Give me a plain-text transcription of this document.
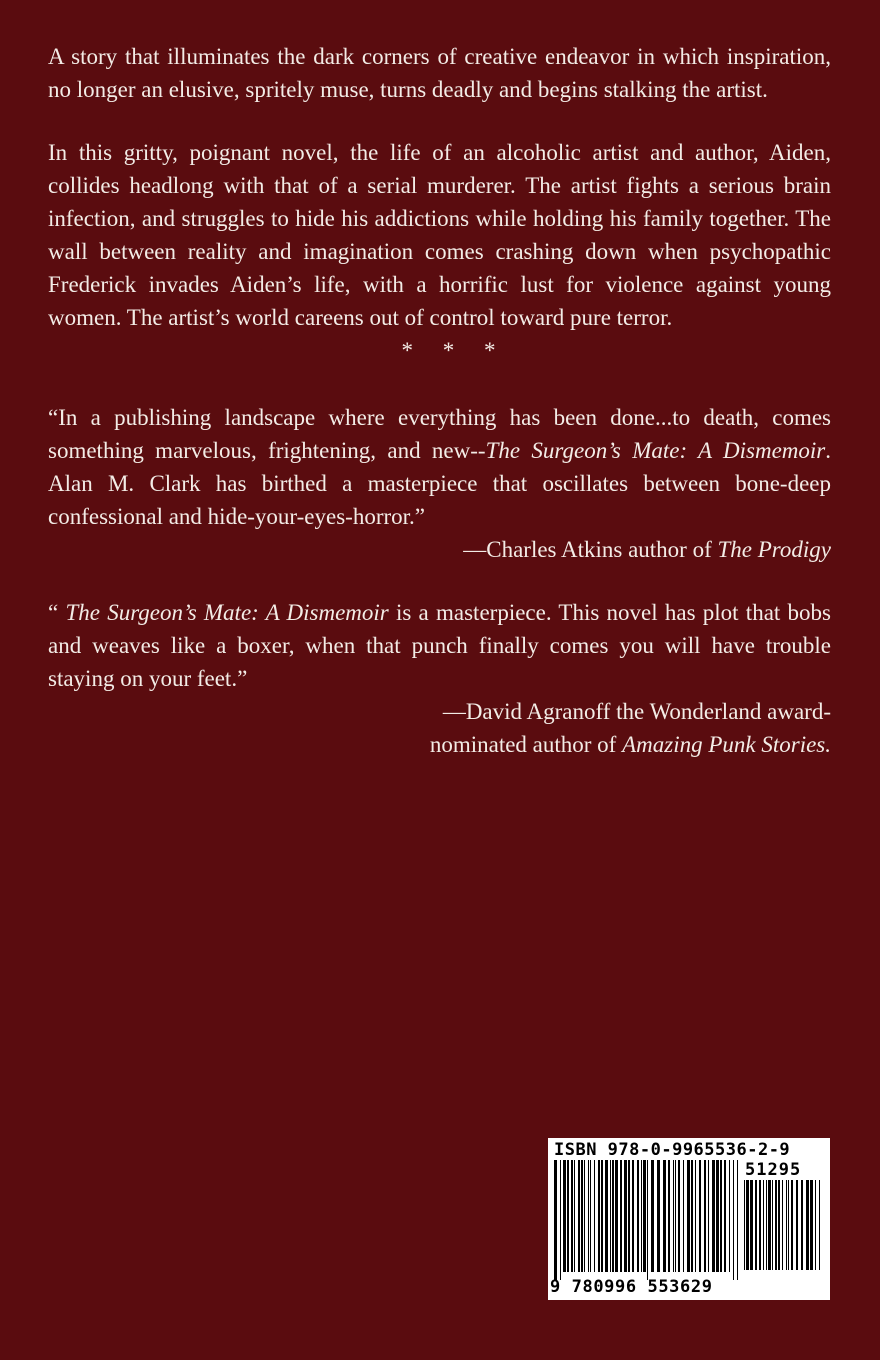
A story that illuminates the dark corners of creative endeavor in which inspiration, no longer an elusive, spritely muse, turns deadly and begins stalking the artist.

In this gritty, poignant novel, the life of an alcoholic artist and author, Aiden, collides headlong with that of a serial murderer. The artist fights a serious brain infection, and struggles to hide his addictions while holding his family together. The wall between reality and imagination comes crashing down when psychopathic Frederick invades Aiden’s life, with a horrific lust for violence against young women. The artist’s world careens out of control toward pure terror.

* * *

“In a publishing landscape where everything has been done...to death, comes something marvelous, frightening, and new--The Surgeon’s Mate: A Dismemoir. Alan M. Clark has birthed a masterpiece that oscillates between bone-deep confessional and hide-your-eyes-horror.”

—Charles Atkins author of The Prodigy

“ The Surgeon’s Mate: A Dismemoir is a masterpiece. This novel has plot that bobs and weaves like a boxer, when that punch finally comes you will have trouble staying on your feet.”

—David Agranoff the Wonderland award-

nominated author of Amazing Punk Stories.

ISBN 978-0-9965536-2-9
51295
9 780996 553629
